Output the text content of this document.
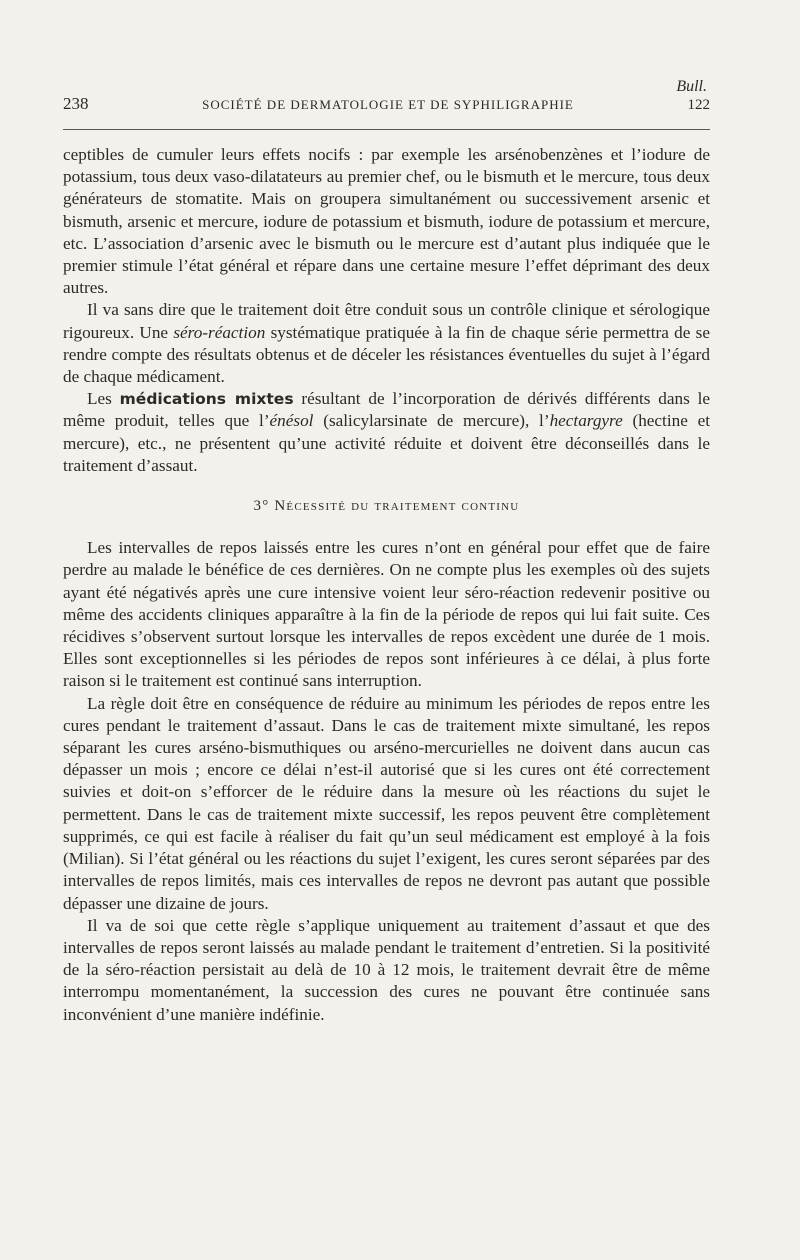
Bull.
238	SOCIÉTÉ DE DERMATOLOGIE ET DE SYPHILIGRAPHIE	122

ceptibles de cumuler leurs effets nocifs : par exemple les arsénobenzènes et l’iodure de potassium, tous deux vaso-dilatateurs au premier chef, ou le bismuth et le mercure, tous deux générateurs de stomatite. Mais on groupera simultanément ou successivement arsenic et bismuth, arsenic et mercure, iodure de potassium et bismuth, iodure de potassium et mercure, etc. L’association d’arsenic avec le bismuth ou le mercure est d’autant plus indiquée que le premier stimule l’état général et répare dans une certaine mesure l’effet déprimant des deux autres.

Il va sans dire que le traitement doit être conduit sous un contrôle clinique et sérologique rigoureux. Une séro-réaction systématique pratiquée à la fin de chaque série permettra de se rendre compte des résultats obtenus et de déceler les résistances éventuelles du sujet à l’égard de chaque médicament.

Les médications mixtes résultant de l’incorporation de dérivés différents dans le même produit, telles que l’énésol (salicylarsinate de mercure), l’hectargyre (hectine et mercure), etc., ne présentent qu’une activité réduite et doivent être déconseillés dans le traitement d’assaut.

3° Nécessité du traitement continu

Les intervalles de repos laissés entre les cures n’ont en général pour effet que de faire perdre au malade le bénéfice de ces dernières. On ne compte plus les exemples où des sujets ayant été négativés après une cure intensive voient leur séro-réaction redevenir positive ou même des accidents cliniques apparaître à la fin de la période de repos qui lui fait suite. Ces récidives s’observent surtout lorsque les intervalles de repos excèdent une durée de 1 mois. Elles sont exceptionnelles si les périodes de repos sont inférieures à ce délai, à plus forte raison si le traitement est continué sans interruption.

La règle doit être en conséquence de réduire au minimum les périodes de repos entre les cures pendant le traitement d’assaut. Dans le cas de traitement mixte simultané, les repos séparant les cures arséno-bismuthiques ou arséno-mercurielles ne doivent dans aucun cas dépasser un mois ; encore ce délai n’est-il autorisé que si les cures ont été correctement suivies et doit-on s’efforcer de le réduire dans la mesure où les réactions du sujet le permettent. Dans le cas de traitement mixte successif, les repos peuvent être complètement supprimés, ce qui est facile à réaliser du fait qu’un seul médicament est employé à la fois (Milian). Si l’état général ou les réactions du sujet l’exigent, les cures seront séparées par des intervalles de repos limités, mais ces intervalles de repos ne devront pas autant que possible dépasser une dizaine de jours.

Il va de soi que cette règle s’applique uniquement au traitement d’assaut et que des intervalles de repos seront laissés au malade pendant le traitement d’entretien. Si la positivité de la séro-réaction persistait au delà de 10 à 12 mois, le traitement devrait être de même interrompu momentanément, la succession des cures ne pouvant être continuée sans inconvénient d’une manière indéfinie.
